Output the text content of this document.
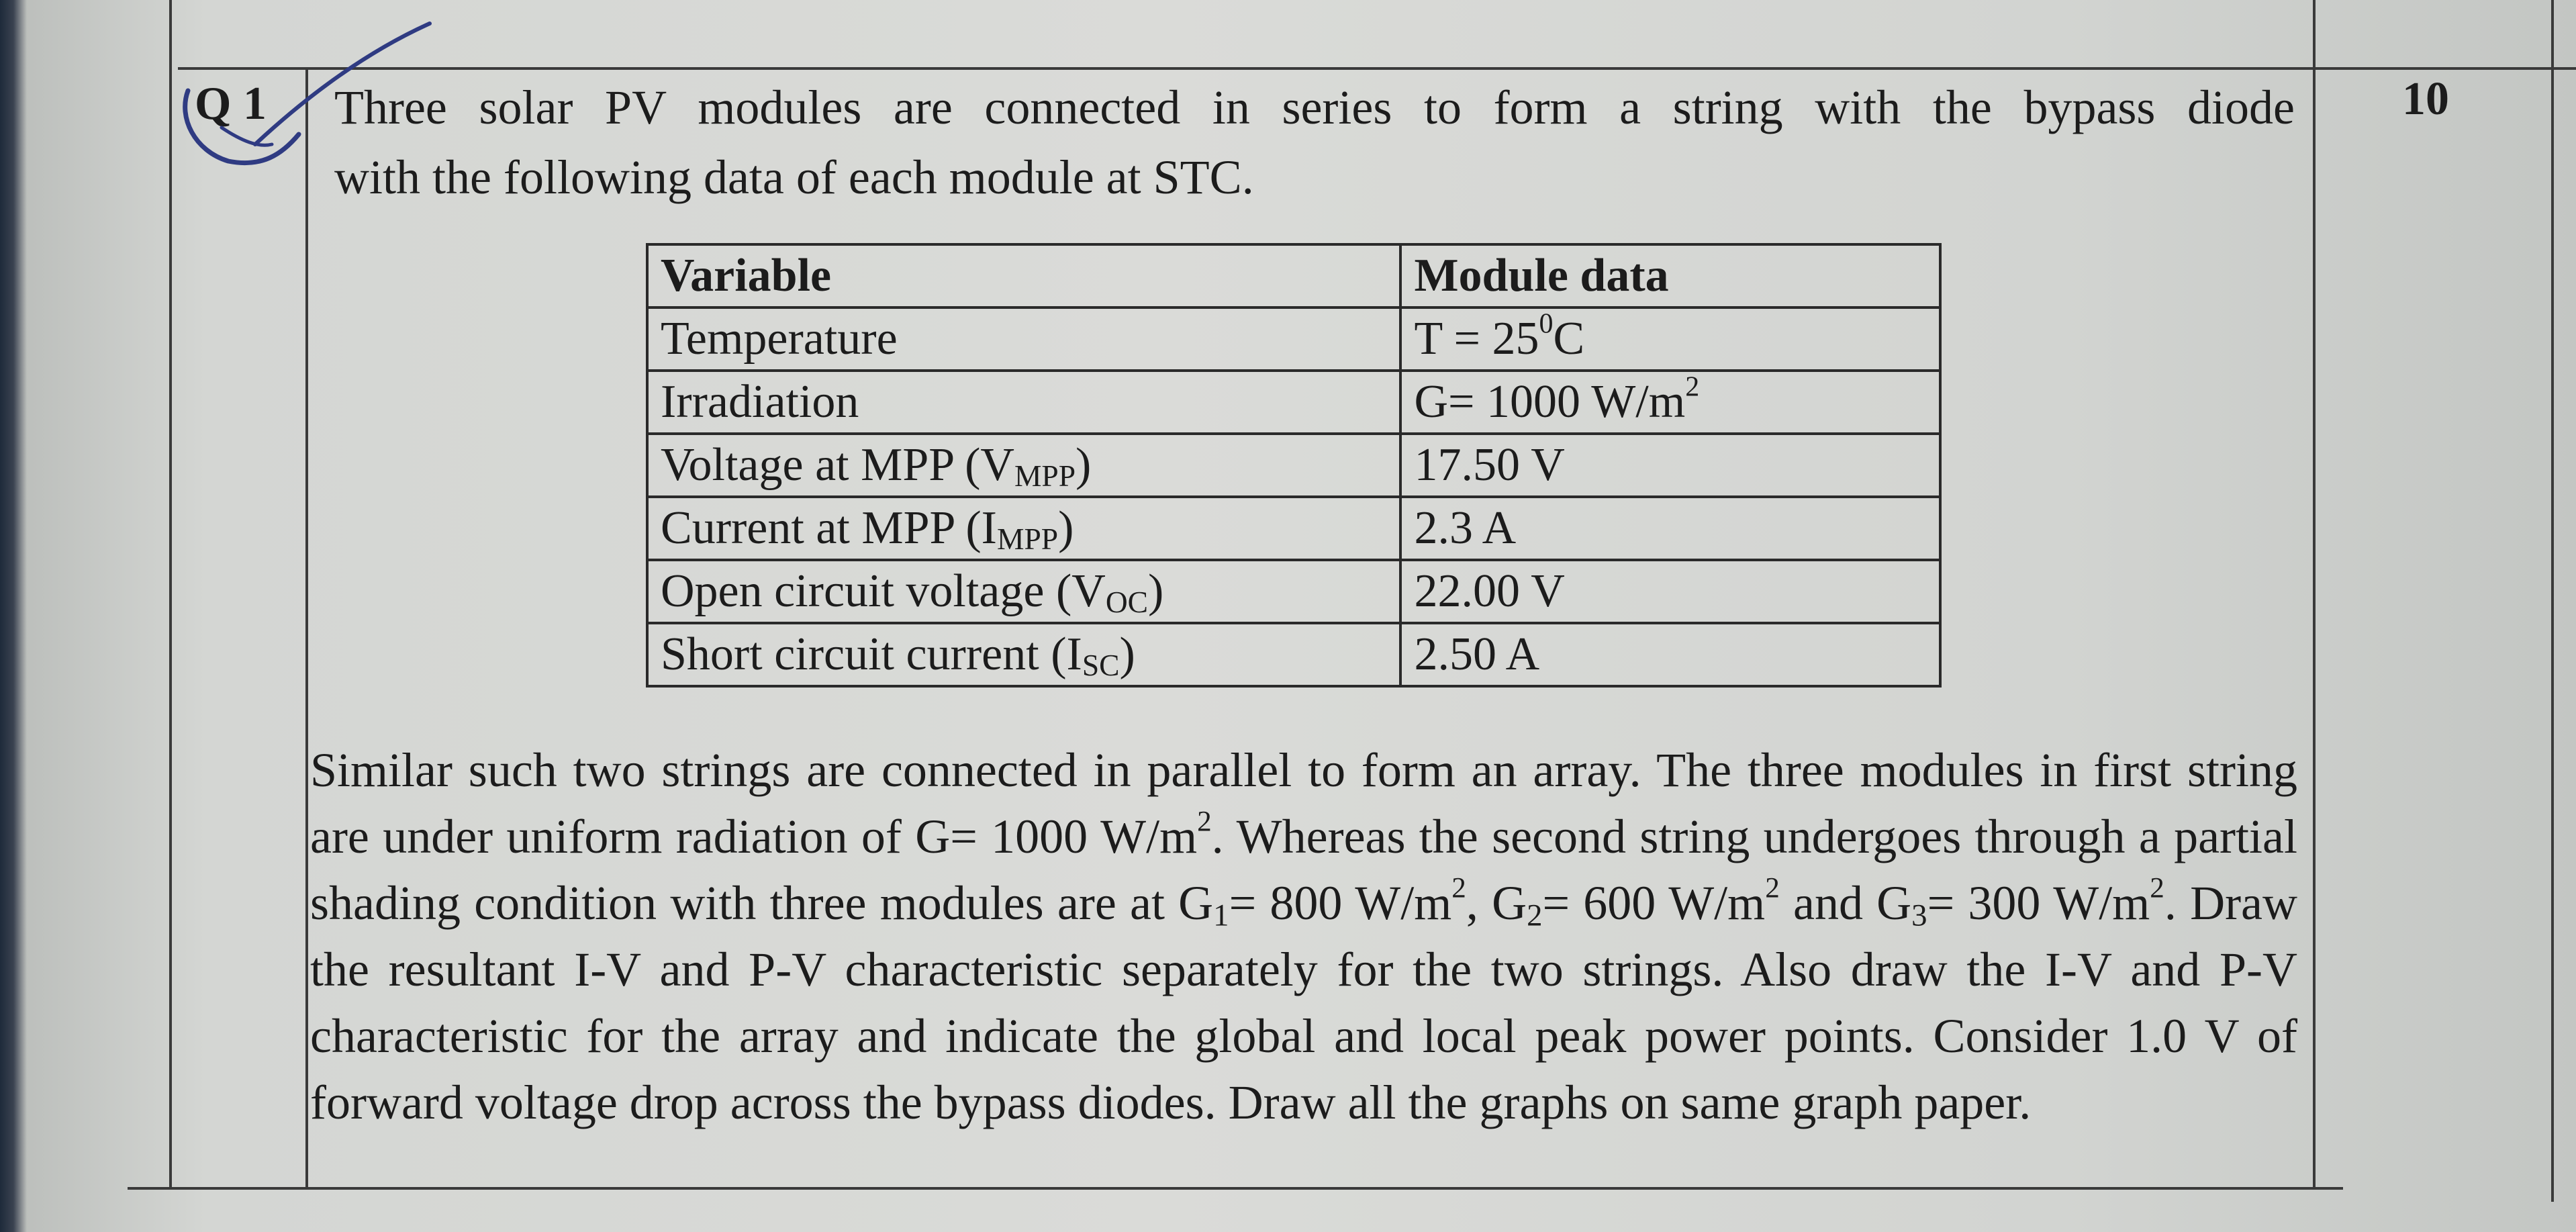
Q 1	10
Three solar PV modules are connected in series to form a string with the bypass diode
with the following data of each module at STC.
Variable	Module data
Temperature	$T = 25^0C$
Irradiation	G= 1000 $W/m^2$
Voltage at MPP $(V_{MPP})$	17.50 V
Current at MPP $(I_{MPP})$	2.3 A
Open circuit voltage $(V_{OC})$	22.00 V
Short circuit current $(I_{SC})$	2.50 A
Similar such two strings are connected in parallel to form an array. The three modules in first string are under uniform radiation of G= 1000 $W/m^2$. Whereas the second string undergoes through a partial shading condition with three modules are at $G_1= 800$ $W/m^2$, $G_2= 600$ $W/m^2$ and $G_3= 300$ $W/m^2$. Draw the resultant I-V and P-V characteristic separately for the two strings. Also draw the I-V and P-V characteristic for the array and indicate the global and local peak power points. Consider 1.0 V of forward voltage drop across the bypass diodes. Draw all the graphs on same graph paper.
